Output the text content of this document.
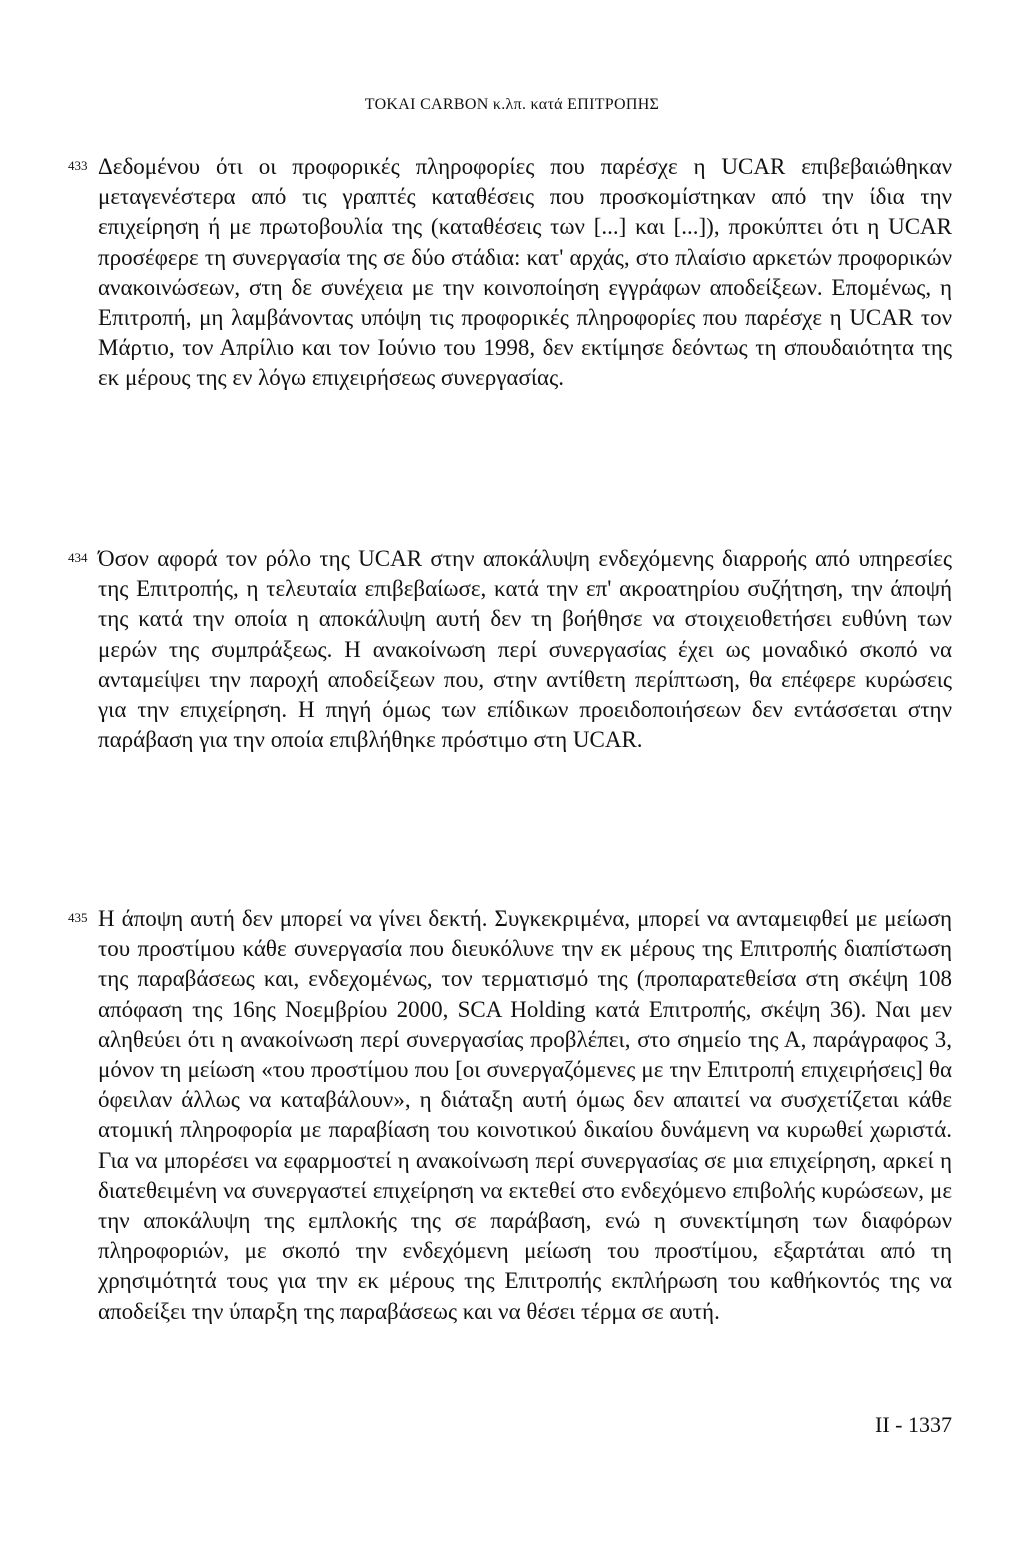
TOKAI CARBON κ.λπ. κατά ΕΠΙΤΡΟΠΗΣ
433 Δεδομένου ότι οι προφορικές πληροφορίες που παρέσχε η UCAR επιβεβαιώθηκαν μεταγενέστερα από τις γραπτές καταθέσεις που προσκομίστηκαν από την ίδια την επιχείρηση ή με πρωτοβουλία της (καταθέσεις των [...] και [...]), προκύπτει ότι η UCAR προσέφερε τη συνεργασία της σε δύο στάδια: κατ' αρχάς, στο πλαίσιο αρκετών προφορικών ανακοινώσεων, στη δε συνέχεια με την κοινοποίηση εγγράφων αποδείξεων. Επομένως, η Επιτροπή, μη λαμβάνοντας υπόψη τις προφορικές πληροφορίες που παρέσχε η UCAR τον Μάρτιο, τον Απρίλιο και τον Ιούνιο του 1998, δεν εκτίμησε δεόντως τη σπουδαιότητα της εκ μέρους της εν λόγω επιχειρήσεως συνεργασίας.

434 Όσον αφορά τον ρόλο της UCAR στην αποκάλυψη ενδεχόμενης διαρροής από υπηρεσίες της Επιτροπής, η τελευταία επιβεβαίωσε, κατά την επ' ακροατηρίου συζήτηση, την άποψή της κατά την οποία η αποκάλυψη αυτή δεν τη βοήθησε να στοιχειοθετήσει ευθύνη των μερών της συμπράξεως. Η ανακοίνωση περί συνεργασίας έχει ως μοναδικό σκοπό να ανταμείψει την παροχή αποδείξεων που, στην αντίθετη περίπτωση, θα επέφερε κυρώσεις για την επιχείρηση. Η πηγή όμως των επίδικων προειδοποιήσεων δεν εντάσσεται στην παράβαση για την οποία επιβλήθηκε πρόστιμο στη UCAR.

435 Η άποψη αυτή δεν μπορεί να γίνει δεκτή. Συγκεκριμένα, μπορεί να ανταμειφθεί με μείωση του προστίμου κάθε συνεργασία που διευκόλυνε την εκ μέρους της Επιτροπής διαπίστωση της παραβάσεως και, ενδεχομένως, τον τερματισμό της (προπαρατεθείσα στη σκέψη 108 απόφαση της 16ης Νοεμβρίου 2000, SCA Holding κατά Επιτροπής, σκέψη 36). Ναι μεν αληθεύει ότι η ανακοίνωση περί συνεργασίας προβλέπει, στο σημείο της Α, παράγραφος 3, μόνον τη μείωση «του προστίμου που [οι συνεργαζόμενες με την Επιτροπή επιχειρήσεις] θα όφειλαν άλλως να καταβάλουν», η διάταξη αυτή όμως δεν απαιτεί να συσχετίζεται κάθε ατομική πληροφορία με παραβίαση του κοινοτικού δικαίου δυνάμενη να κυρωθεί χωριστά. Για να μπορέσει να εφαρμοστεί η ανακοίνωση περί συνεργασίας σε μια επιχείρηση, αρκεί η διατεθειμένη να συνεργαστεί επιχείρηση να εκτεθεί στο ενδεχόμενο επιβολής κυρώσεων, με την αποκάλυψη της εμπλοκής της σε παράβαση, ενώ η συνεκτίμηση των διαφόρων πληροφοριών, με σκοπό την ενδεχόμενη μείωση του προστίμου, εξαρτάται από τη χρησιμότητά τους για την εκ μέρους της Επιτροπής εκπλήρωση του καθήκοντός της να αποδείξει την ύπαρξη της παραβάσεως και να θέσει τέρμα σε αυτή.

II - 1337
